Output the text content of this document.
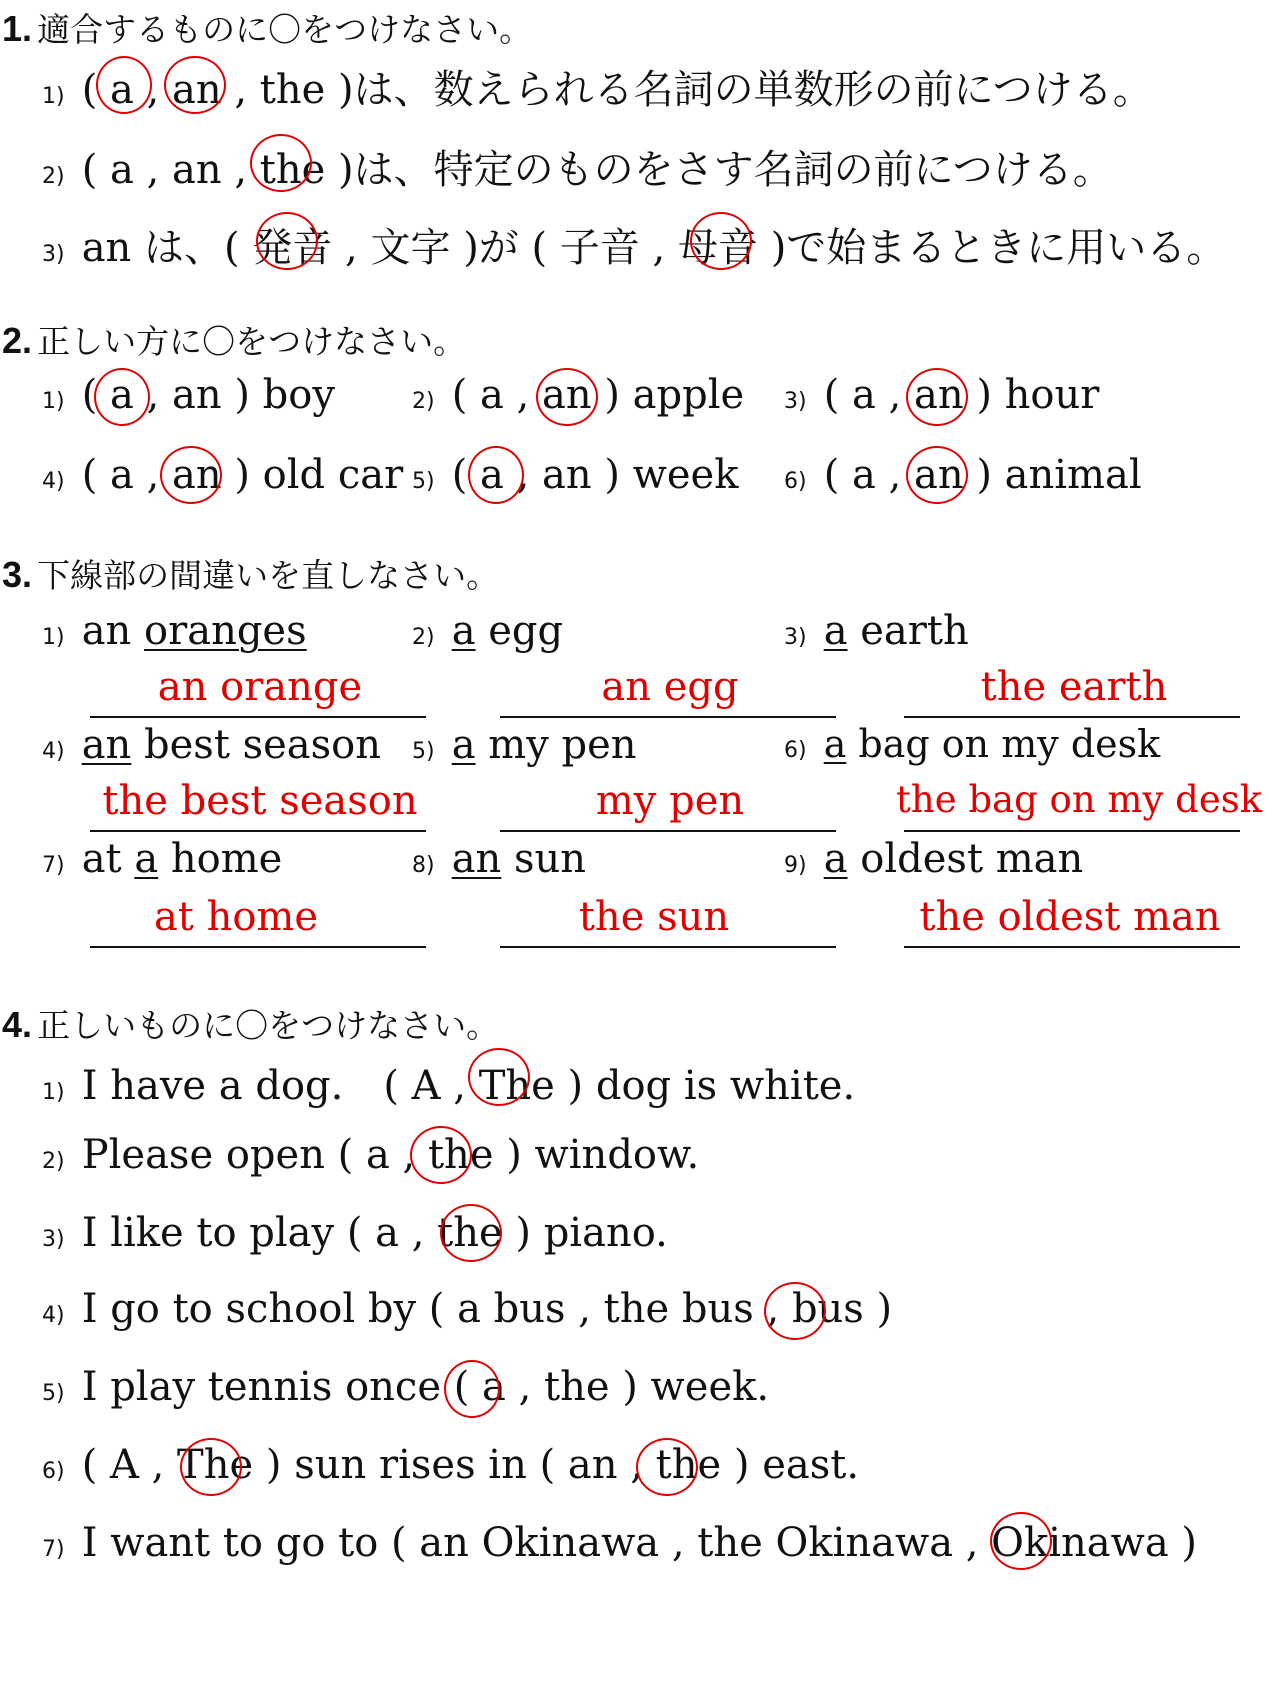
1. 適合するものに〇をつけなさい。
1) ( a , an , the )は、数えられる名詞の単数形の前につける。
2) ( a , an , the )は、特定のものをさす名詞の前につける。
3) an は、( 発音 , 文字 )が ( 子音 , 母音 )で始まるときに用いる。
2. 正しい方に〇をつけなさい。
1) ( a , an ) boy	2) ( a , an ) apple 3) ( a , an ) hour
4) ( a , an ) old car 5) ( a , an ) week 6) ( a , an ) animal
3. 下線部の間違いを直しなさい。
1) an oranges
an orange
2) a egg
an egg
3) a earth
the earth
4) an best season
the best season
5) a my pen
my pen
6) a bag on my desk
the bag on my desk
7) at a home
at home
8) an sun
the sun
9) a oldest man
the oldest man
4. 正しいものに〇をつけなさい。
1) I have a dog.　( A , The ) dog is white.
2) Please open ( a , the ) window.
3) I like to play ( a , the ) piano.
4) I go to school by ( a bus , the bus , bus )
5) I play tennis once ( a , the ) week.
6) ( A , The ) sun rises in ( an , the ) east.
7) I want to go to ( an Okinawa , the Okinawa , Okinawa )
